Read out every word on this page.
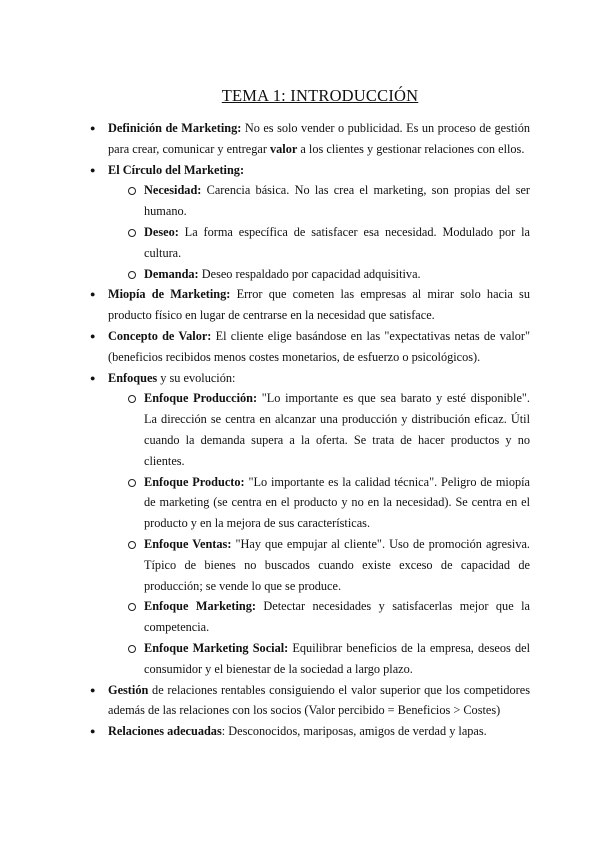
TEMA 1: INTRODUCCIÓN
●	Definición de Marketing: No es solo vender o publicidad. Es un proceso de gestión para crear, comunicar y entregar valor a los clientes y gestionar relaciones con ellos.
●	El Círculo del Marketing:
Necesidad: Carencia básica. No las crea el marketing, son propias del ser humano.
Deseo: La forma específica de satisfacer esa necesidad. Modulado por la cultura.
Demanda: Deseo respaldado por capacidad adquisitiva.
●	Miopía de Marketing: Error que cometen las empresas al mirar solo hacia su producto físico en lugar de centrarse en la necesidad que satisface.
●	Concepto de Valor: El cliente elige basándose en las "expectativas netas de valor" (beneficios recibidos menos costes monetarios, de esfuerzo o psicológicos).
●	Enfoques y su evolución:
Enfoque Producción: "Lo importante es que sea barato y esté disponible". La dirección se centra en alcanzar una producción y distribución eficaz. Útil cuando la demanda supera a la oferta. Se trata de hacer productos y no clientes.
Enfoque Producto: "Lo importante es la calidad técnica". Peligro de miopía de marketing (se centra en el producto y no en la necesidad). Se centra en el producto y en la mejora de sus características.
Enfoque Ventas: "Hay que empujar al cliente". Uso de promoción agresiva. Típico de bienes no buscados cuando existe exceso de capacidad de producción; se vende lo que se produce.
Enfoque Marketing: Detectar necesidades y satisfacerlas mejor que la competencia.
Enfoque Marketing Social: Equilibrar beneficios de la empresa, deseos del consumidor y el bienestar de la sociedad a largo plazo.
●	Gestión de relaciones rentables consiguiendo el valor superior que los competidores además de las relaciones con los socios (Valor percibido = Beneficios > Costes)
●	Relaciones adecuadas: Desconocidos, mariposas, amigos de verdad y lapas.
